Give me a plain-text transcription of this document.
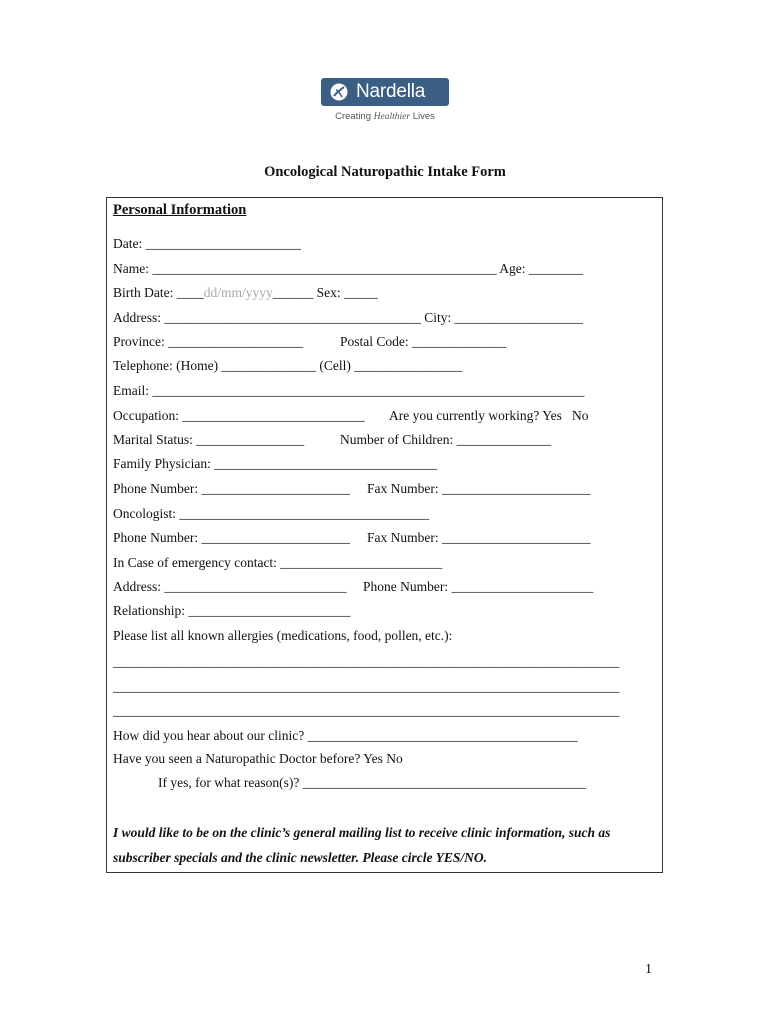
Nardella
Creating Healthier Lives
Oncological Naturopathic Intake Form
Personal Information
Date: _______________________
Name: ___________________________________________________ Age: ________
Birth Date: ____dd/mm/yyyy______ Sex: _____
Address: ______________________________________ City: ___________________
Province: ____________________	Postal Code: ______________
Telephone: (Home) ______________ (Cell) ________________
Email: ________________________________________________________________
Occupation: ___________________________ Are you currently working? Yes   No
Marital Status: ________________	Number of Children: ______________
Family Physician: _________________________________
Phone Number: ______________________ Fax Number: ______________________
Oncologist: _____________________________________
Phone Number: ______________________ Fax Number: ______________________
In Case of emergency contact: ________________________
Address: ___________________________ Phone Number: _____________________
Relationship: ________________________
Please list all known allergies (medications, food, pollen, etc.):
___________________________________________________________________________
___________________________________________________________________________
___________________________________________________________________________
How did you hear about our clinic? ________________________________________
Have you seen a Naturopathic Doctor before? Yes No
If yes, for what reason(s)? __________________________________________
I would like to be on the clinic’s general mailing list to receive clinic information, such as
subscriber specials and the clinic newsletter. Please circle YES/NO.
1
